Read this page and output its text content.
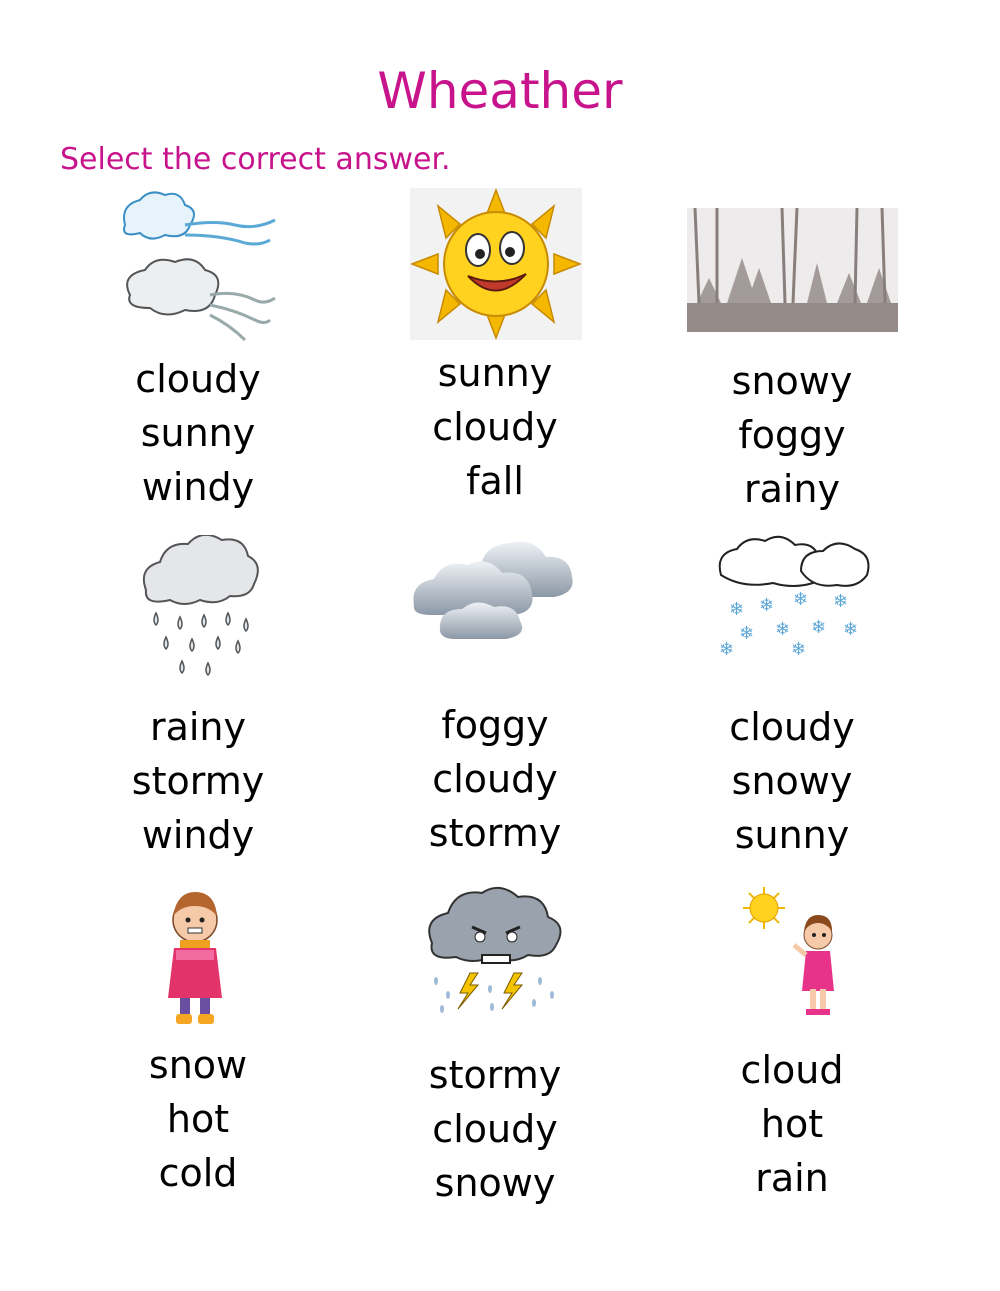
Wheather
Select the correct answer.
cloudy
sunny
windy
sunny
cloudy
fall
snowy
foggy
rainy
rainy
stormy
windy
foggy
cloudy
stormy
❄ ❄ ❄ ❄
❄ ❄ ❄ ❄
❄	❄
cloudy
snowy
sunny
snow
hot
cold
stormy
cloudy
snowy
cloud
hot
rain
